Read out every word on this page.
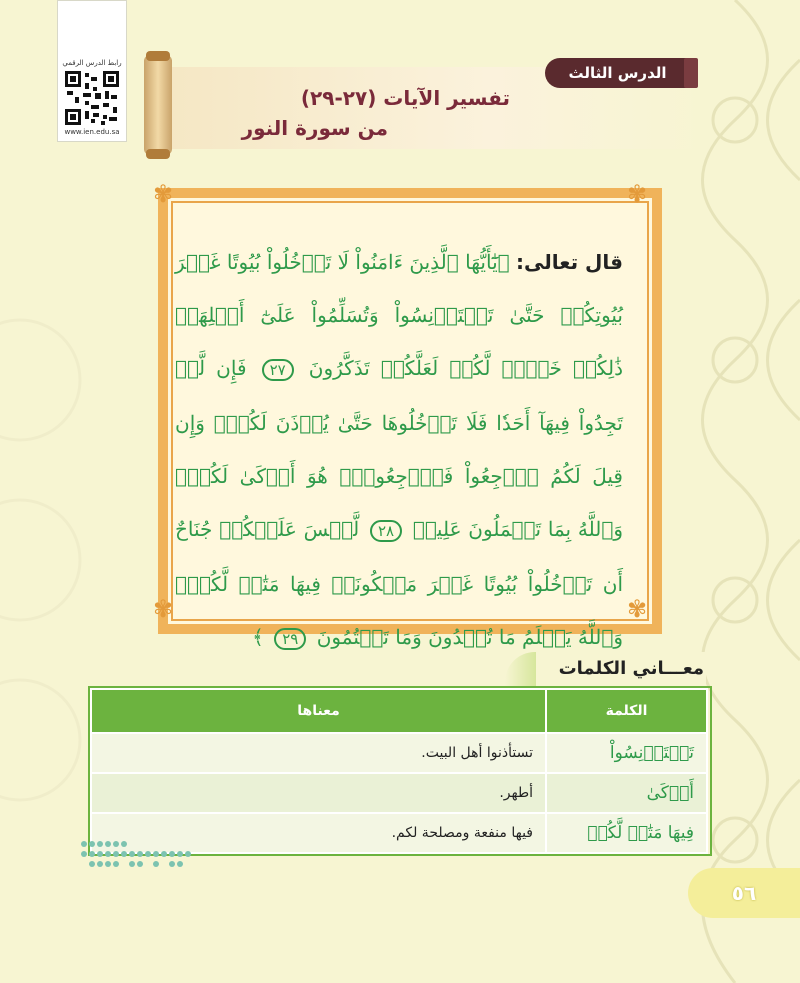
رابط الدرس الرقمي
www.ien.edu.sa
تفسير الآيات (٢٧-٢٩)
من سورة النور
الدرس الثالث
✾	✾
✾	✾
قال تعالى: ﴿يَٰٓأَيُّهَا ٱلَّذِينَ ءَامَنُواْ لَا تَدۡخُلُواْ بُيُوتًا غَيۡرَ بُيُوتِكُمۡ حَتَّىٰ تَسۡتَأۡنِسُواْ وَتُسَلِّمُواْ عَلَىٰٓ أَهۡلِهَاۚ ذَٰلِكُمۡ خَيۡرٞ لَّكُمۡ لَعَلَّكُمۡ تَذَكَّرُونَ ٢٧ فَإِن لَّمۡ تَجِدُواْ فِيهَآ أَحَدٗا فَلَا تَدۡخُلُوهَا حَتَّىٰ يُؤۡذَنَ لَكُمۡۖ وَإِن قِيلَ لَكُمُ ٱرۡجِعُواْ فَٱرۡجِعُواْۖ هُوَ أَزۡكَىٰ لَكُمۡۚ وَٱللَّهُ بِمَا تَعۡمَلُونَ عَلِيمٞ ٢٨ لَّيۡسَ عَلَيۡكُمۡ جُنَاحٌ أَن تَدۡخُلُواْ بُيُوتًا غَيۡرَ مَسۡكُونَةٖ فِيهَا مَتَٰعٞ لَّكُمۡۚ وَٱللَّهُ يَعۡلَمُ مَا تُبۡدُونَ وَمَا تَكۡتُمُونَ ٢٩ ﴾
معـــاني الكلمات
الكلمة	معناها
تَسۡتَأۡنِسُواْ	تستأذنوا أهل البيت.
أَزۡكَىٰ	أطهر.
فِيهَا مَتَٰعٞ لَّكُمۡ	فيها منفعة ومصلحة لكم.
٥٦
